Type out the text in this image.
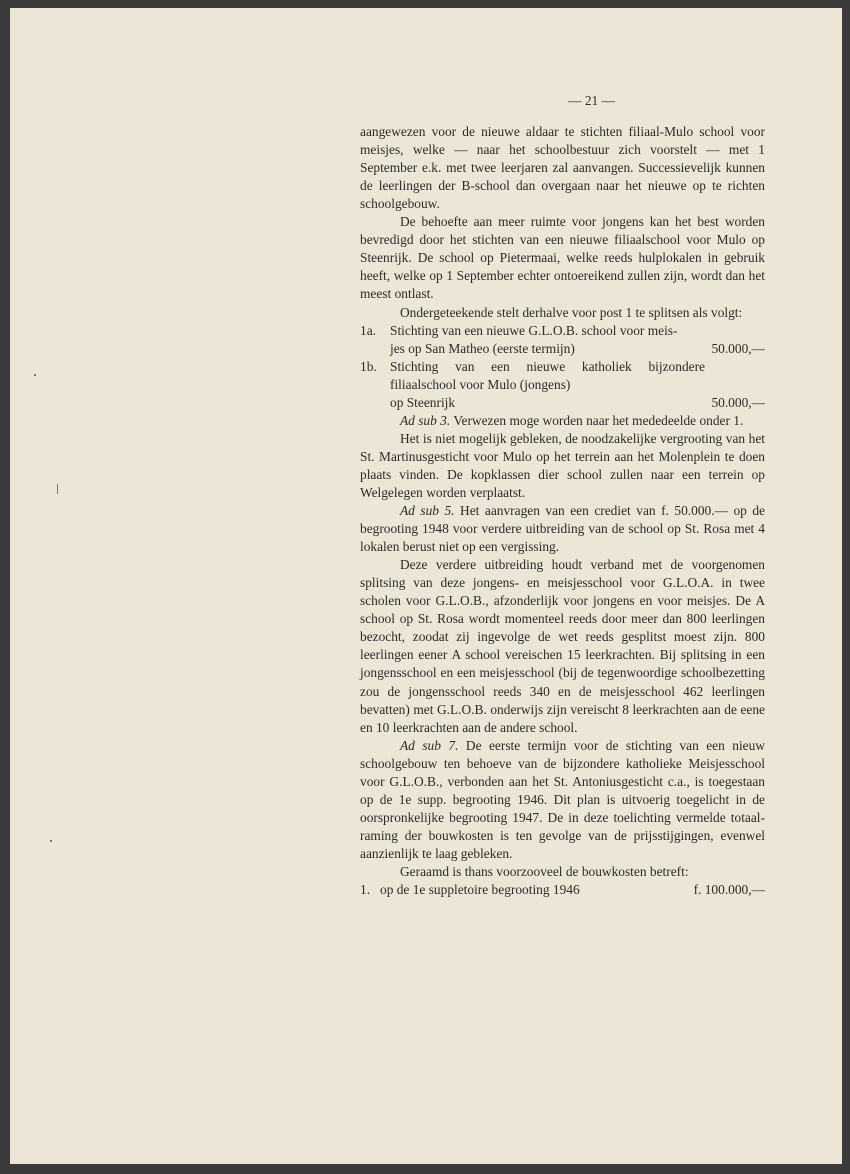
— 21 —

aangewezen voor de nieuwe aldaar te stichten filiaal-Mulo school voor meisjes, welke — naar het schoolbestuur zich voorstelt — met 1 September e.k. met twee leerjaren zal aanvangen. Successievelijk kunnen de leerlingen der B-school dan overgaan naar het nieuwe op te richten schoolgebouw.

De behoefte aan meer ruimte voor jongens kan het best worden bevredigd door het stichten van een nieuwe filiaalschool voor Mulo op Steenrijk. De school op Pietermaai, welke reeds hulplokalen in gebruik heeft, welke op 1 September echter ontoereikend zullen zijn, wordt dan het meest ontlast.

Ondergeteekende stelt derhalve voor post 1 te splitsen als volgt:

1a.	Stichting van een nieuwe G.L.O.B. school voor meis-
jes op San Matheo (eerste termijn)	50.000,—
1b. Stichting van een nieuwe katholiek bijzondere filiaalschool voor Mulo (jongens)
op Steenrijk	50.000,—

Ad sub 3. Verwezen moge worden naar het mededeelde onder 1.

Het is niet mogelijk gebleken, de noodzakelijke vergrooting van het St. Martinusgesticht voor Mulo op het terrein aan het Molenplein te doen plaats vinden. De kopklassen dier school zullen naar een terrein op Welgelegen worden verplaatst.

Ad sub 5. Het aanvragen van een crediet van f. 50.000.— op de begrooting 1948 voor verdere uitbreiding van de school op St. Rosa met 4 lokalen berust niet op een vergissing.

Deze verdere uitbreiding houdt verband met de voorgenomen splitsing van deze jongens- en meisjesschool voor G.L.O.A. in twee scholen voor G.L.O.B., afzonderlijk voor jongens en voor meisjes. De A school op St. Rosa wordt momenteel reeds door meer dan 800 leerlingen bezocht, zoodat zij ingevolge de wet reeds gesplitst moest zijn. 800 leerlingen eener A school vereischen 15 leerkrachten. Bij splitsing in een jongensschool en een meisjesschool (bij de tegenwoordige schoolbezetting zou de jongensschool reeds 340 en de meisjesschool 462 leerlingen bevatten) met G.L.O.B. onderwijs zijn vereischt 8 leerkrachten aan de eene en 10 leerkrachten aan de andere school.

Ad sub 7. De eerste termijn voor de stichting van een nieuw schoolgebouw ten behoeve van de bijzondere katholieke Meisjesschool voor G.L.O.B., verbonden aan het St. Antoniusgesticht c.a., is toegestaan op de 1e supp. begrooting 1946. Dit plan is uitvoerig toegelicht in de oorspronkelijke begrooting 1947. De in deze toelichting vermelde totaal-raming der bouwkosten is ten gevolge van de prijsstijgingen, evenwel aanzienlijk te laag gebleken.

Geraamd is thans voorzooveel de bouwkosten betreft:

1. op de 1e suppletoire begrooting 1946	f. 100.000,—
